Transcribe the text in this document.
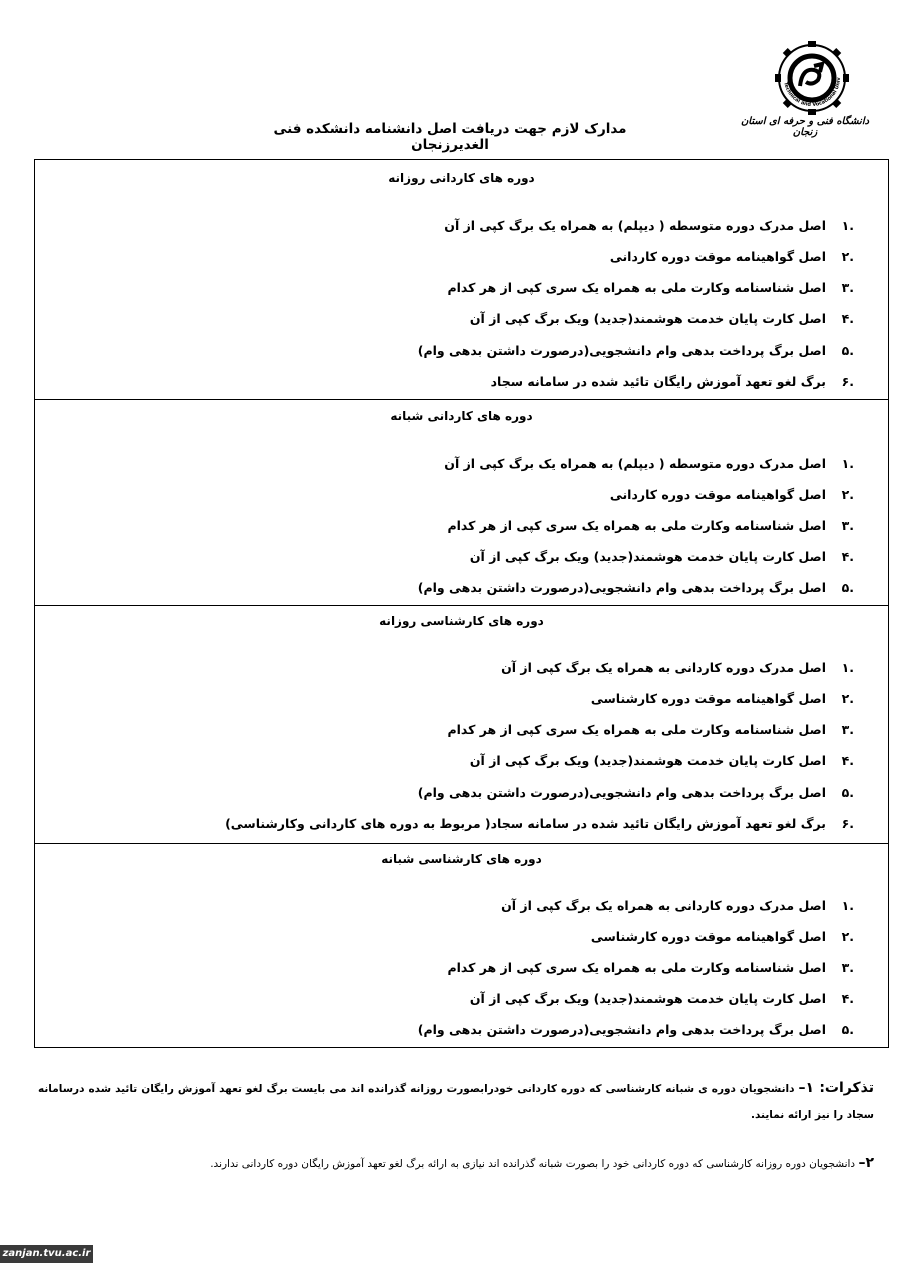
Technical and Vocational Univ
دانشگاه فنی و حرفه ای استان زنجان
مدارک لازم جهت دریافت اصل دانشنامه دانشکده فنی الغدیرزنجان
دوره های کاردانی روزانه
.۱اصل مدرک دوره متوسطه ( دیپلم) به همراه یک برگ کپی از آن
.۲اصل گواهینامه موقت دوره کاردانی
.۳اصل شناسنامه وکارت ملی به همراه یک سری کپی از هر کدام
.۴اصل کارت پایان خدمت هوشمند(جدید) ویک برگ کپی از آن
.۵اصل برگ پرداخت بدهی وام دانشجویی(درصورت داشتن بدهی وام)
.۶برگ لغو تعهد آموزش رایگان تائید شده در سامانه سجاد
دوره های کاردانی شبانه
.۱اصل مدرک دوره متوسطه ( دیپلم) به همراه یک برگ کپی از آن
.۲اصل گواهینامه موقت دوره کاردانی
.۳اصل شناسنامه وکارت ملی به همراه یک سری کپی از هر کدام
.۴اصل کارت پایان خدمت هوشمند(جدید) ویک برگ کپی از آن
.۵اصل برگ پرداخت بدهی وام دانشجویی(درصورت داشتن بدهی وام)
دوره های کارشناسی روزانه
.۱اصل مدرک دوره کاردانی به همراه یک برگ کپی از آن
.۲اصل گواهینامه موقت دوره کارشناسی
.۳اصل شناسنامه وکارت ملی به همراه یک سری کپی از هر کدام
.۴اصل کارت پایان خدمت هوشمند(جدید) ویک برگ کپی از آن
.۵اصل برگ پرداخت بدهی وام دانشجویی(درصورت داشتن بدهی وام)
.۶برگ لغو تعهد آموزش رایگان تائید شده در سامانه سجاد( مربوط به دوره های کاردانی وکارشناسی)
دوره های کارشناسی شبانه
.۱اصل مدرک دوره کاردانی به همراه یک برگ کپی از آن
.۲اصل گواهینامه موقت دوره کارشناسی
.۳اصل شناسنامه وکارت ملی به همراه یک سری کپی از هر کدام
.۴اصل کارت پایان خدمت هوشمند(جدید) ویک برگ کپی از آن
.۵اصل برگ پرداخت بدهی وام دانشجویی(درصورت داشتن بدهی وام)
تذکرات: ۱– دانشجویان دوره ی شبانه کارشناسی که دوره کاردانی خودرابصورت روزانه گذرانده اند می بایست برگ لغو تعهد آموزش رایگان تائید شده درسامانه سجاد را نیز ارائه نمایند.
۲– دانشجویان دوره روزانه کارشناسی که دوره کاردانی خود را بصورت شبانه گذرانده اند نیازی به ارائه برگ لغو تعهد آموزش رایگان دوره کاردانی ندارند.
zanjan.tvu.ac.ir
